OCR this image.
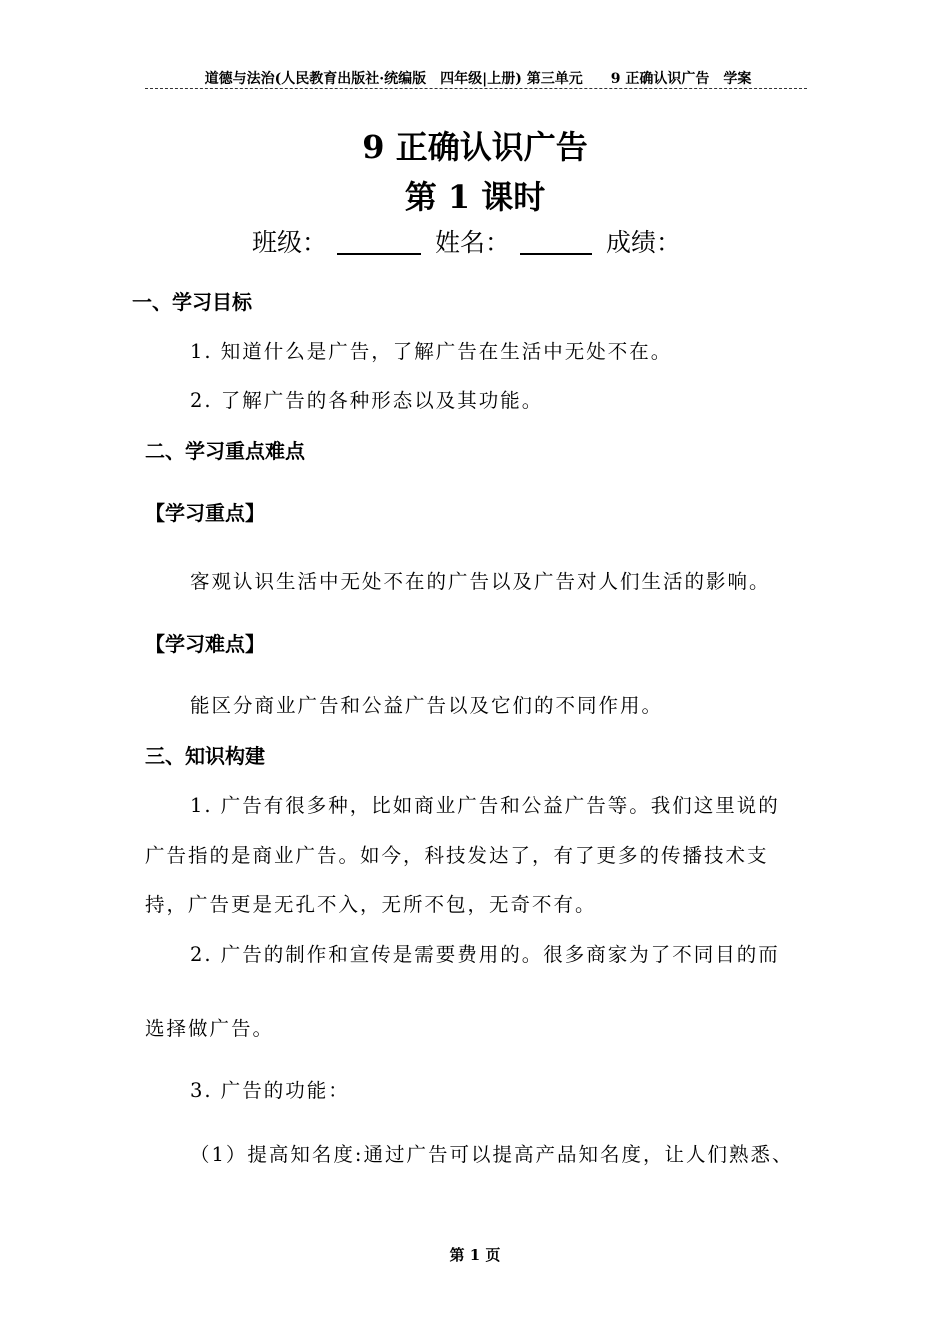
道德与法治(人民教育出版社·统编版　四年级|上册) 第三单元　　9 正确认识广告　学案
9 正确认识广告
第 1 课时
班级：	姓名：	成绩：
一、学习目标
1. 知道什么是广告，了解广告在生活中无处不在。
2. 了解广告的各种形态以及其功能。
二、学习重点难点
【学习重点】
客观认识生活中无处不在的广告以及广告对人们生活的影响。
【学习难点】
能区分商业广告和公益广告以及它们的不同作用。
三、知识构建
1. 广告有很多种，比如商业广告和公益广告等。我们这里说的
广告指的是商业广告。如今，科技发达了，有了更多的传播技术支
持，广告更是无孔不入，无所不包，无奇不有。
2. 广告的制作和宣传是需要费用的。很多商家为了不同目的而
选择做广告。
3. 广告的功能：
（1）提高知名度:通过广告可以提高产品知名度，让人们熟悉、
第 1 页
